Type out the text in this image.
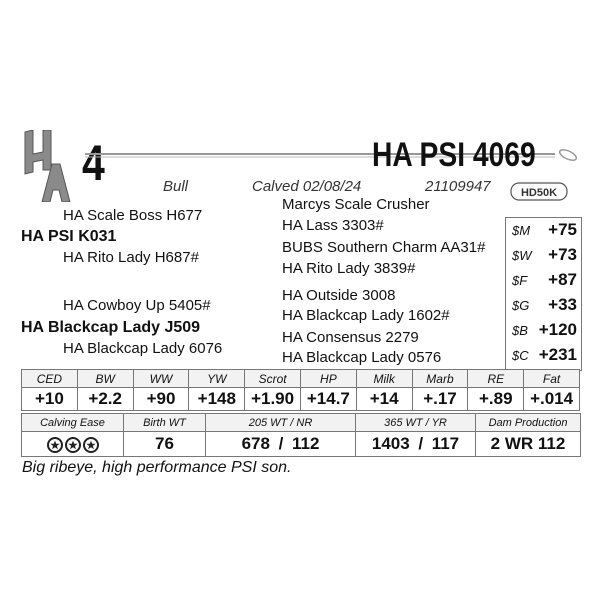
4	HA PSI 4069
Bull	Calved 02/08/24	21109947	HD50K
HA Scale Boss H677
HA PSI K031
HA Rito Lady H687#
HA Cowboy Up 5405#
HA Blackcap Lady J509
HA Blackcap Lady 6076
Marcys Scale Crusher
HA Lass 3303#
BUBS Southern Charm AA31#
HA Rito Lady 3839#
HA Outside 3008
HA Blackcap Lady 1602#
HA Consensus 2279
HA Blackcap Lady 0576
$M +75
$W +73
$F +87
$G +33
$B +120
$C +231
CED	BW	WW	YW	Scrot	HP	Milk	Marb	RE	Fat
+10	+2.2	+90	+148	+1.90	+14.7	+14	+.17	+.89	+.014
Calving Ease	Birth WT	205 WT / NR	365 WT / YR	Dam Production

	76	678 / 112	1403 / 117	2 WR 112
Big ribeye, high performance PSI son.
